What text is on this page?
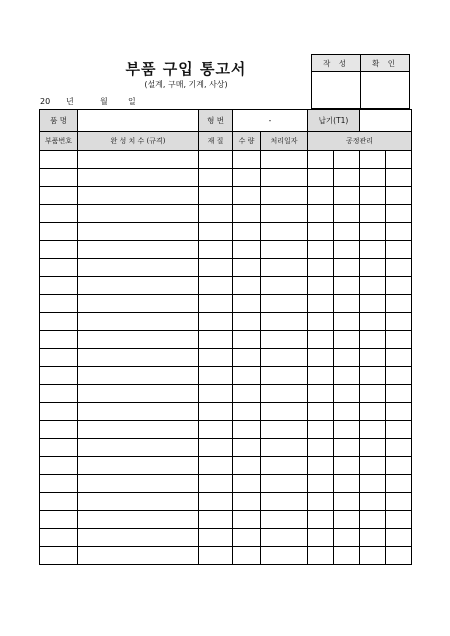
부품 구입 통고서
(설계, 구매, 기계, 사상)
20 년	월	일
작 성	확 인

품 명		형 번	-		납기(T1)			
부품번호	완 성 치 수 (규격)	재 질	수 량	처리일자	공정관리			
